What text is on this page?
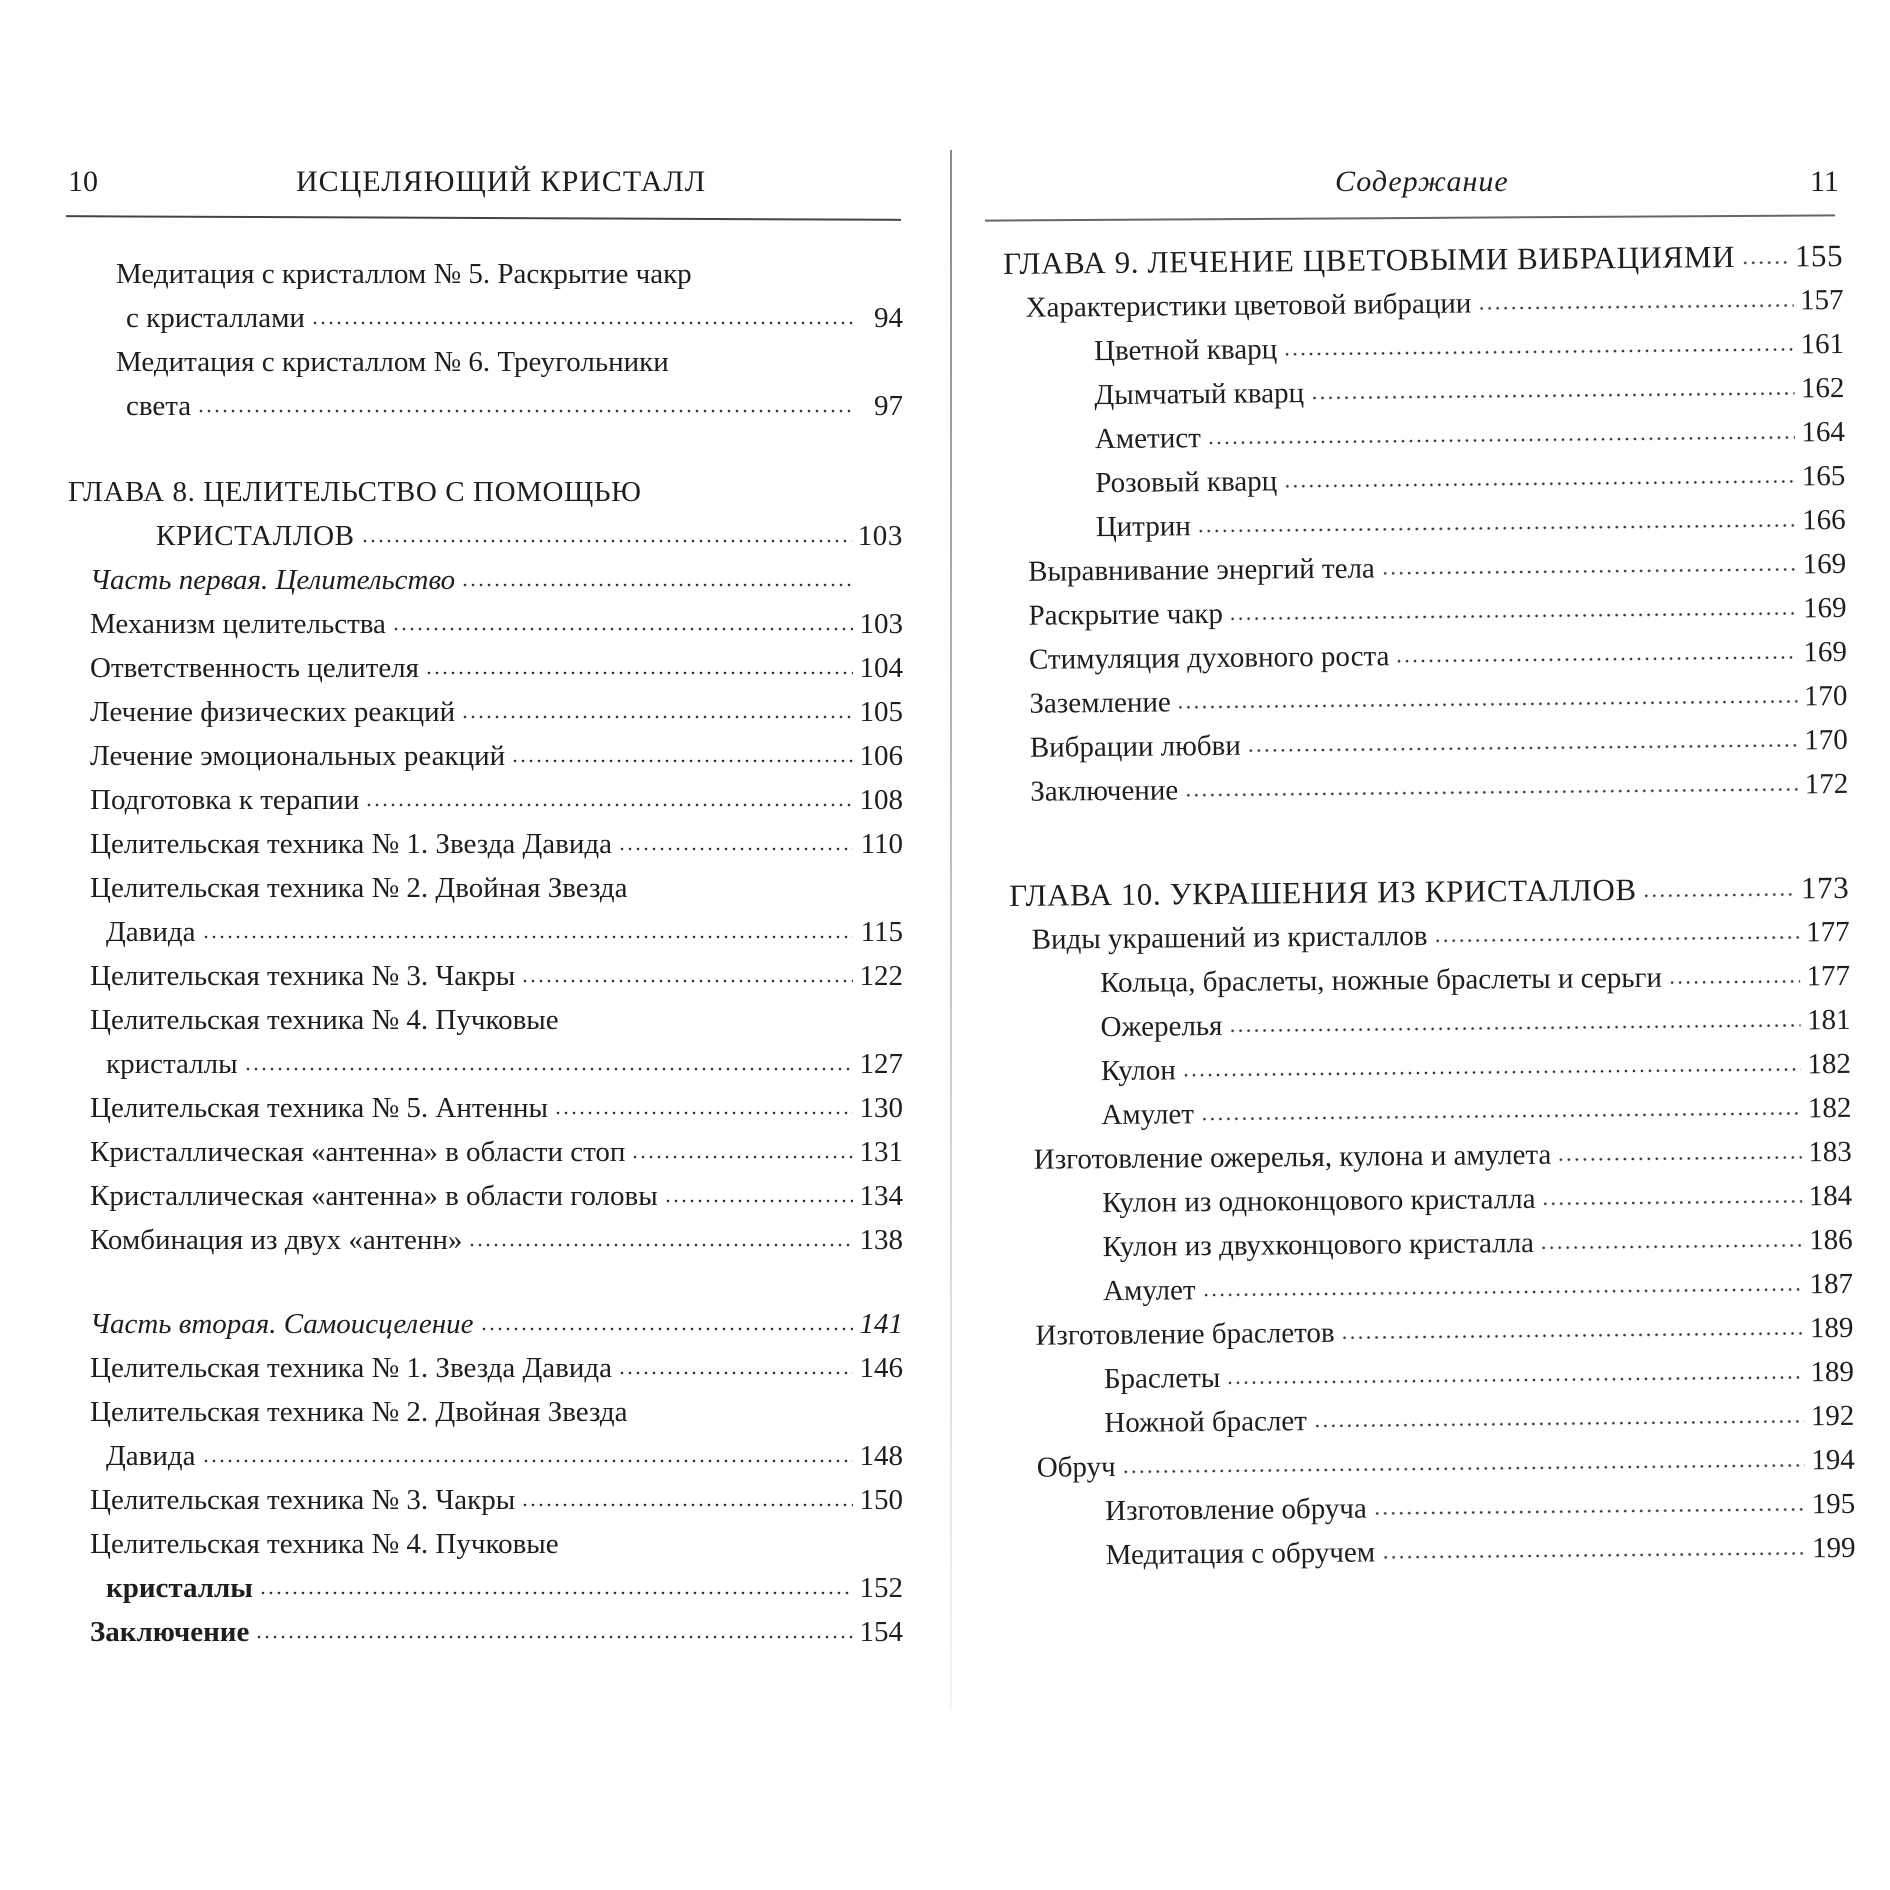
10	ИСЦЕЛЯЮЩИЙ КРИСТАЛЛ
Медитация с кристаллом № 5. Раскрытие чакр
с кристаллами	94
Медитация с кристаллом № 6. Треугольники
света	97
ГЛАВА 8. ЦЕЛИТЕЛЬСТВО С ПОМОЩЬЮ
КРИСТАЛЛОВ	103
Часть первая. Целительство
Механизм целительства	103
Ответственность целителя	104
Лечение физических реакций	105
Лечение эмоциональных реакций	106
Подготовка к терапии	108
Целительская техника № 1. Звезда Давида	110
Целительская техника № 2. Двойная Звезда
Давида	115
Целительская техника № 3. Чакры	122
Целительская техника № 4. Пучковые
кристаллы	127
Целительская техника № 5. Антенны	130
Кристаллическая «антенна» в области стоп	131
Кристаллическая «антенна» в области головы	134
Комбинация из двух «антенн»	138
Часть вторая. Самоисцеление	141
Целительская техника № 1. Звезда Давида	146
Целительская техника № 2. Двойная Звезда
Давида	148
Целительская техника № 3. Чакры	150
Целительская техника № 4. Пучковые
кристаллы	152
Заключение	154
Содержание	11
ГЛАВА 9. ЛЕЧЕНИЕ ЦВЕТОВЫМИ ВИБРАЦИЯМИ 155
Характеристики цветовой вибрации	157
Цветной кварц	161
Дымчатый кварц	162
Аметист	164
Розовый кварц	165
Цитрин	166
Выравнивание энергий тела	169
Раскрытие чакр	169
Стимуляция духовного роста	169
Заземление	170
Вибрации любви	170
Заключение	172
ГЛАВА 10. УКРАШЕНИЯ ИЗ КРИСТАЛЛОВ	173
Виды украшений из кристаллов	177
Кольца, браслеты, ножные браслеты и серьги	177
Ожерелья	181
Кулон	182
Амулет	182
Изготовление ожерелья, кулона и амулета	183
Кулон из одноконцового кристалла	184
Кулон из двухконцового кристалла	186
Амулет	187
Изготовление браслетов	189
Браслеты	189
Ножной браслет	192
Обруч	194
Изготовление обруча	195
Медитация с обручем	199
